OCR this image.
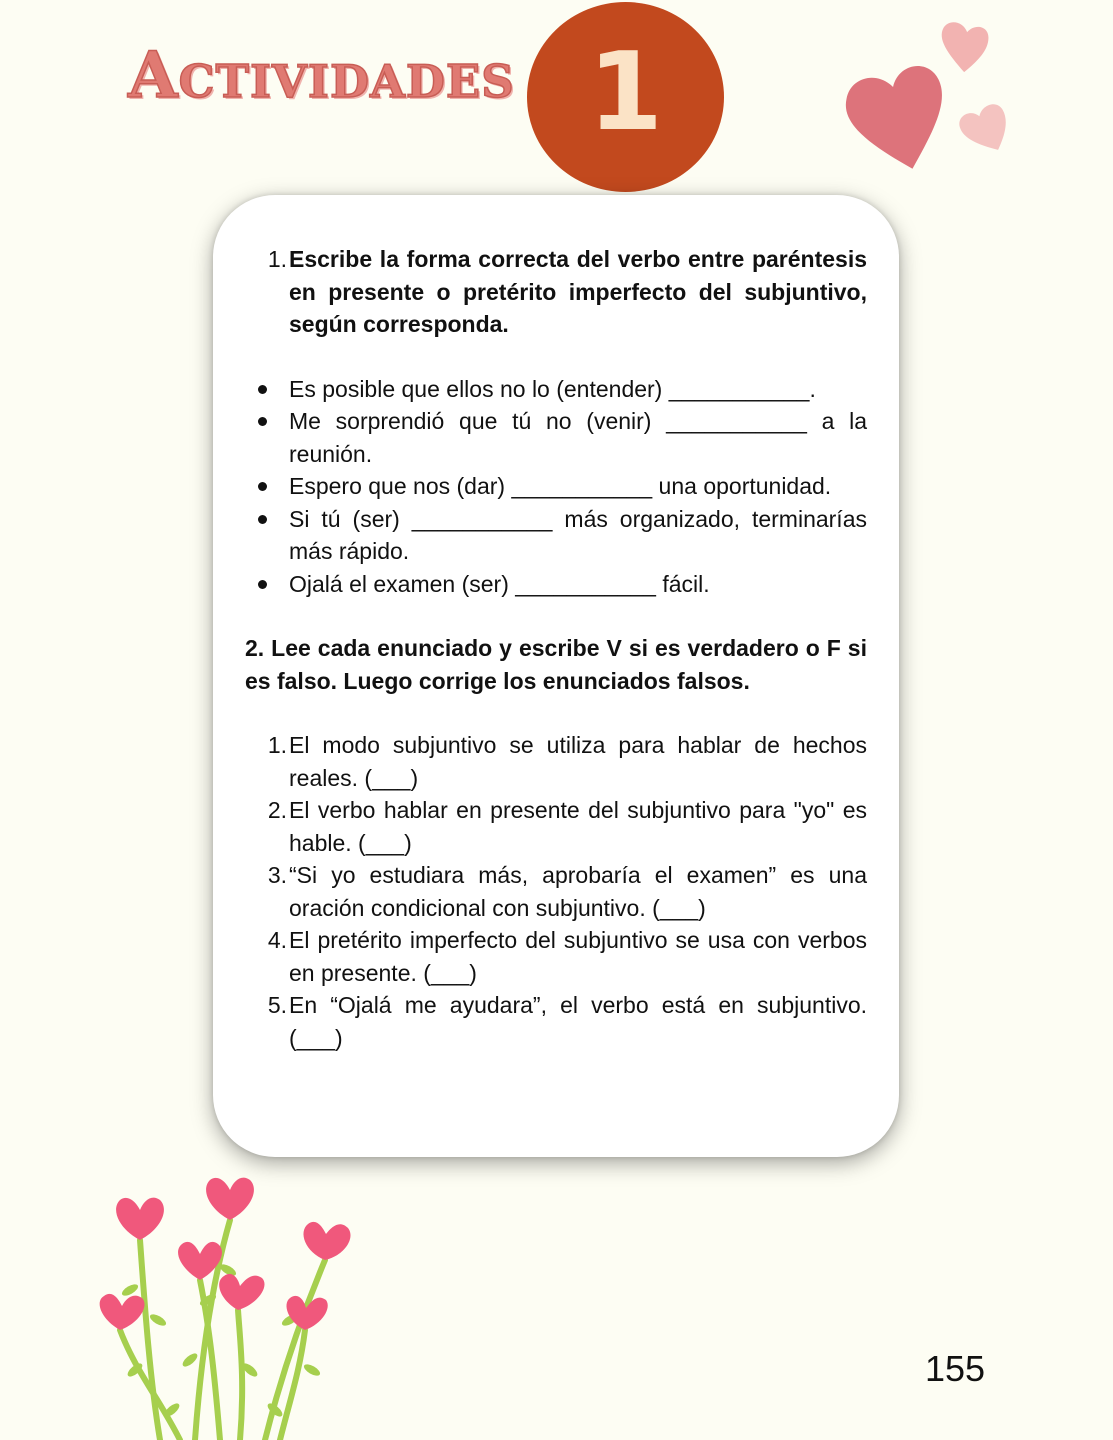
Actividades 1
1. Escribe la forma correcta del verbo entre paréntesis en presente o pretérito imperfecto del subjuntivo, según corresponda.
Es posible que ellos no lo (entender) ___________.
Me sorprendió que tú no (venir) ___________ a la reunión.
Espero que nos (dar) ___________ una oportunidad.
Si tú (ser) ___________ más organizado, terminarías más rápido.
Ojalá el examen (ser) ___________ fácil.
2. Lee cada enunciado y escribe V si es verdadero o F si es falso. Luego corrige los enunciados falsos.
1. El modo subjuntivo se utiliza para hablar de hechos reales. (___)
2. El verbo hablar en presente del subjuntivo para "yo" es hable. (___)
3. “Si yo estudiara más, aprobaría el examen” es una oración condicional con subjuntivo. (___)
4. El pretérito imperfecto del subjuntivo se usa con verbos en presente. (___)
5. En “Ojalá me ayudara”, el verbo está en subjuntivo. (___)
155
